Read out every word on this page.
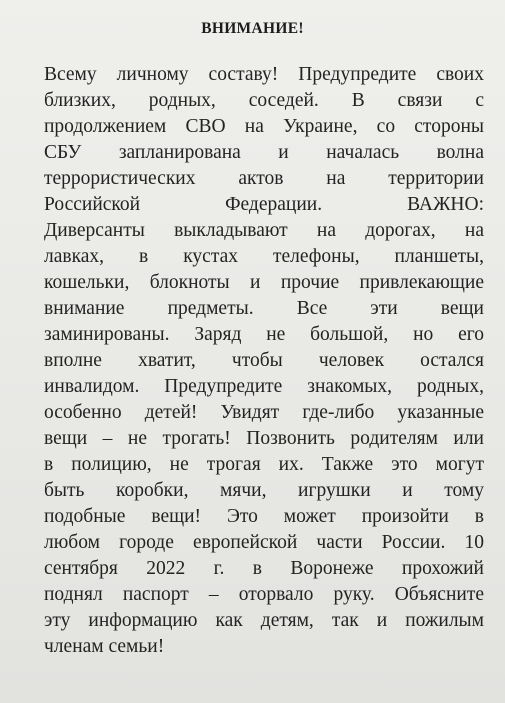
ВНИМАНИЕ!
Всему личному составу! Предупредите своих
близких, родных, соседей. В связи с
продолжением СВО на Украине, со стороны
СБУ запланирована и началась волна
террористических актов на территории
Российской Федерации. ВАЖНО:
Диверсанты выкладывают на дорогах, на
лавках, в кустах телефоны, планшеты,
кошельки, блокноты и прочие привлекающие
внимание предметы. Все эти вещи
заминированы. Заряд не большой, но его
вполне хватит, чтобы человек остался
инвалидом. Предупредите знакомых, родных,
особенно детей! Увидят где-либо указанные
вещи – не трогать! Позвонить родителям или
в полицию, не трогая их. Также это могут
быть коробки, мячи, игрушки и тому
подобные вещи! Это может произойти в
любом городе европейской части России. 10
сентября 2022 г. в Воронеже прохожий
поднял паспорт – оторвало руку. Объясните
эту информацию как детям, так и пожилым
членам семьи!
